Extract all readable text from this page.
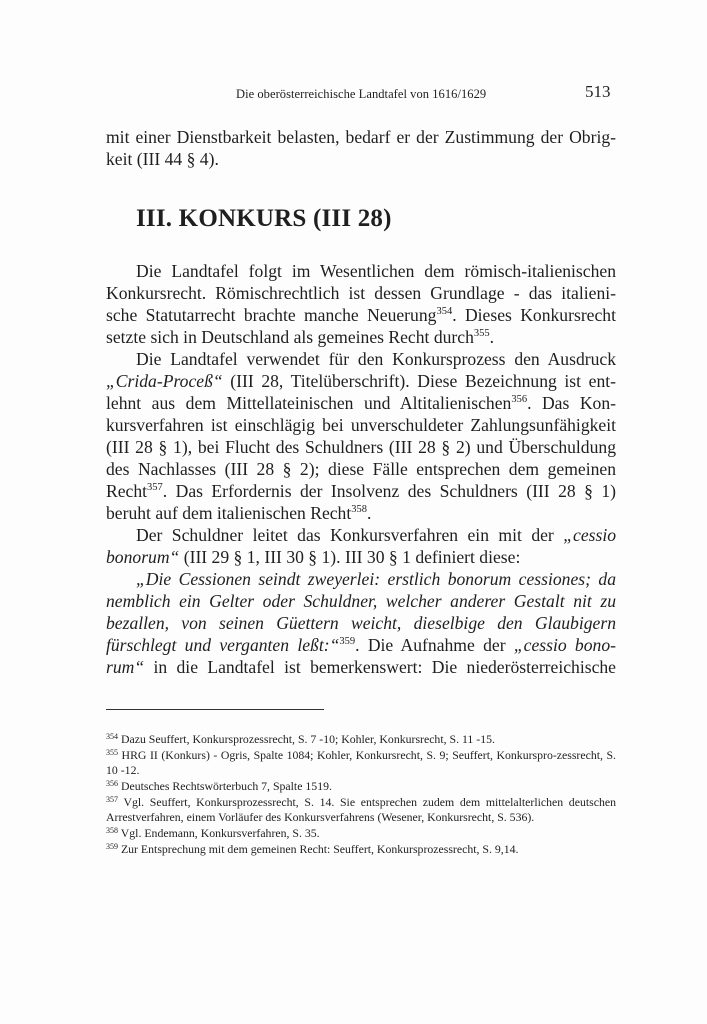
Die oberösterreichische Landtafel von 1616/1629	513
mit einer Dienstbarkeit belasten, bedarf er der Zustimmung der Obrig-
keit (III 44 § 4).
III. KONKURS (III 28)
Die Landtafel folgt im Wesentlichen dem römisch-italienischen
Konkursrecht. Römischrechtlich ist dessen Grundlage - das italieni-
sche Statutarrecht brachte manche Neuerung$^{354}$. Dieses Konkursrecht
setzte sich in Deutschland als gemeines Recht durch$^{355}$.
Die Landtafel verwendet für den Konkursprozess den Ausdruck
„Crida-Proceß“ (III 28, Titelüberschrift). Diese Bezeichnung ist ent-
lehnt aus dem Mittellateinischen und Altitalienischen$^{356}$. Das Kon-
kursverfahren ist einschlägig bei unverschuldeter Zahlungsunfähigkeit
(III 28 § 1), bei Flucht des Schuldners (III 28 § 2) und Überschuldung
des Nachlasses (III 28 § 2); diese Fälle entsprechen dem gemeinen
Recht$^{357}$. Das Erfordernis der Insolvenz des Schuldners (III 28 § 1)
beruht auf dem italienischen Recht$^{358}$.
Der Schuldner leitet das Konkursverfahren ein mit der „cessio
bonorum“ (III 29 § 1, III 30 § 1). III 30 § 1 definiert diese:
„Die Cessionen seindt zweyerlei: erstlich bonorum cessiones; da
nemblich ein Gelter oder Schuldner, welcher anderer Gestalt nit zu
bezallen, von seinen Güettern weicht, dieselbige den Glaubigern
fürschlegt und verganten leßt:“$^{359}$. Die Aufnahme der „cessio bono-
rum“ in die Landtafel ist bemerkenswert: Die niederösterreichische

$^{354}$ Dazu Seuffert, Konkursprozessrecht, S. 7 -10; Kohler, Konkursrecht, S. 11 -15.

$^{355}$ HRG II (Konkurs) - Ogris, Spalte 1084; Kohler, Konkursrecht, S. 9; Seuffert, Konkurspro-zessrecht, S. 10 -12.

$^{356}$ Deutsches Rechtswörterbuch 7, Spalte 1519.

$^{357}$ Vgl. Seuffert, Konkursprozessrecht, S. 14. Sie entsprechen zudem dem mittelalterlichen deutschen Arrestverfahren, einem Vorläufer des Konkursverfahrens (Wesener, Konkursrecht, S. 536).

$^{358}$ Vgl. Endemann, Konkursverfahren, S. 35.

$^{359}$ Zur Entsprechung mit dem gemeinen Recht: Seuffert, Konkursprozessrecht, S. 9,14.
